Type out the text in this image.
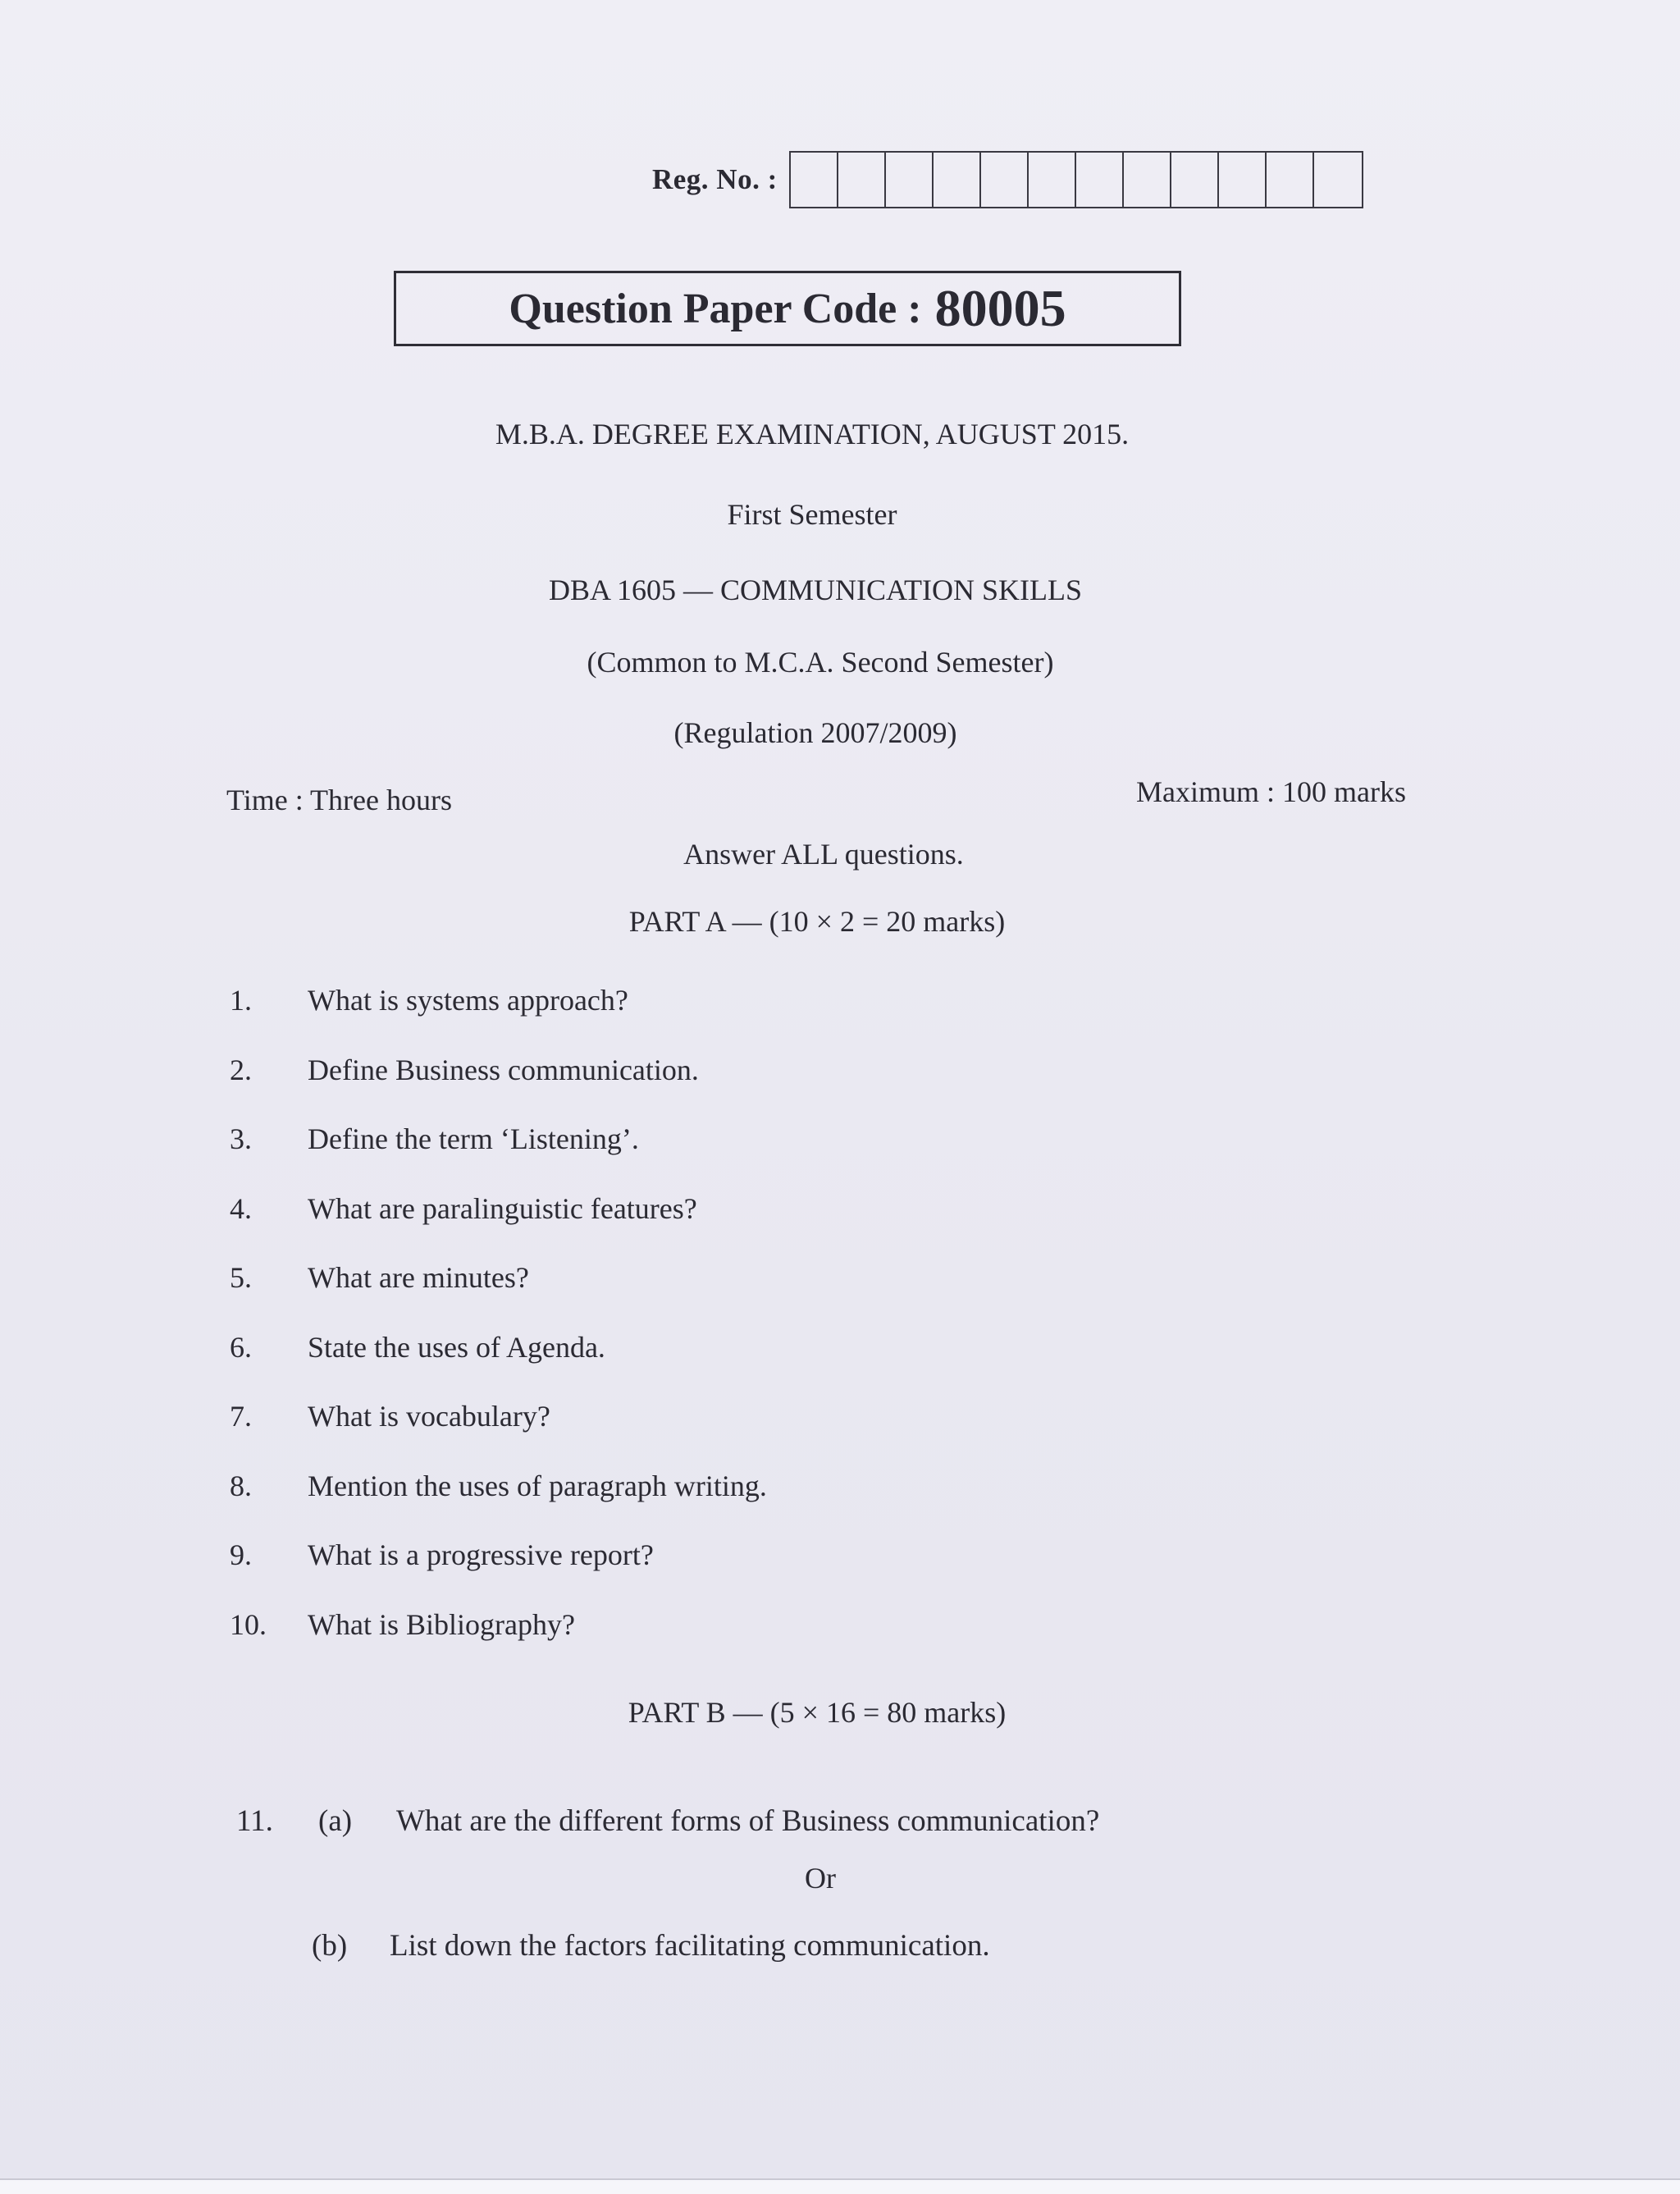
Reg. No. :
Question Paper Code : 80005
M.B.A. DEGREE EXAMINATION, AUGUST 2015.
First Semester
DBA 1605 — COMMUNICATION SKILLS
(Common to M.C.A. Second Semester)
(Regulation 2007/2009)
Time : Three hours	Maximum : 100 marks
Answer ALL questions.
PART A — (10 × 2 = 20 marks)
1.	What is systems approach?
2.	Define Business communication.
3.	Define the term ‘Listening’.
4.	What are paralinguistic features?
5.	What are minutes?
6.	State the uses of Agenda.
7.	What is vocabulary?
8.	Mention the uses of paragraph writing.
9.	What is a progressive report?
10.	What is Bibliography?
PART B — (5 × 16 = 80 marks)
11.	(a)	What are the different forms of Business communication?
Or
(b)	List down the factors facilitating communication.
